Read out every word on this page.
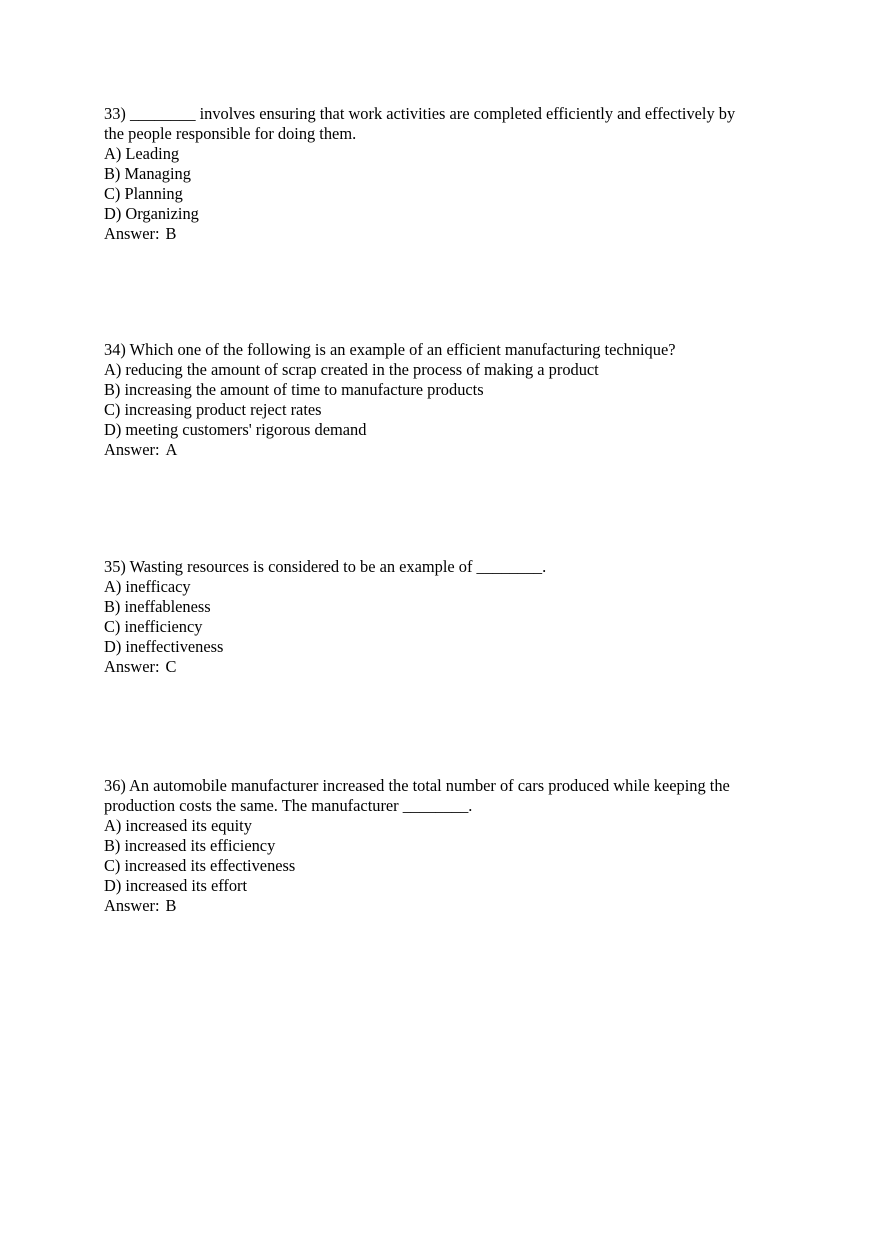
33) ________ involves ensuring that work activities are completed efficiently and effectively by

the people responsible for doing them.

A) Leading

B) Managing

C) Planning

D) Organizing

Answer: B

34) Which one of the following is an example of an efficient manufacturing technique?

A) reducing the amount of scrap created in the process of making a product

B) increasing the amount of time to manufacture products

C) increasing product reject rates

D) meeting customers' rigorous demand

Answer: A

35) Wasting resources is considered to be an example of ________.

A) inefficacy

B) ineffableness

C) inefficiency

D) ineffectiveness

Answer: C

36) An automobile manufacturer increased the total number of cars produced while keeping the

production costs the same. The manufacturer ________.

A) increased its equity

B) increased its efficiency

C) increased its effectiveness

D) increased its effort

Answer: B
